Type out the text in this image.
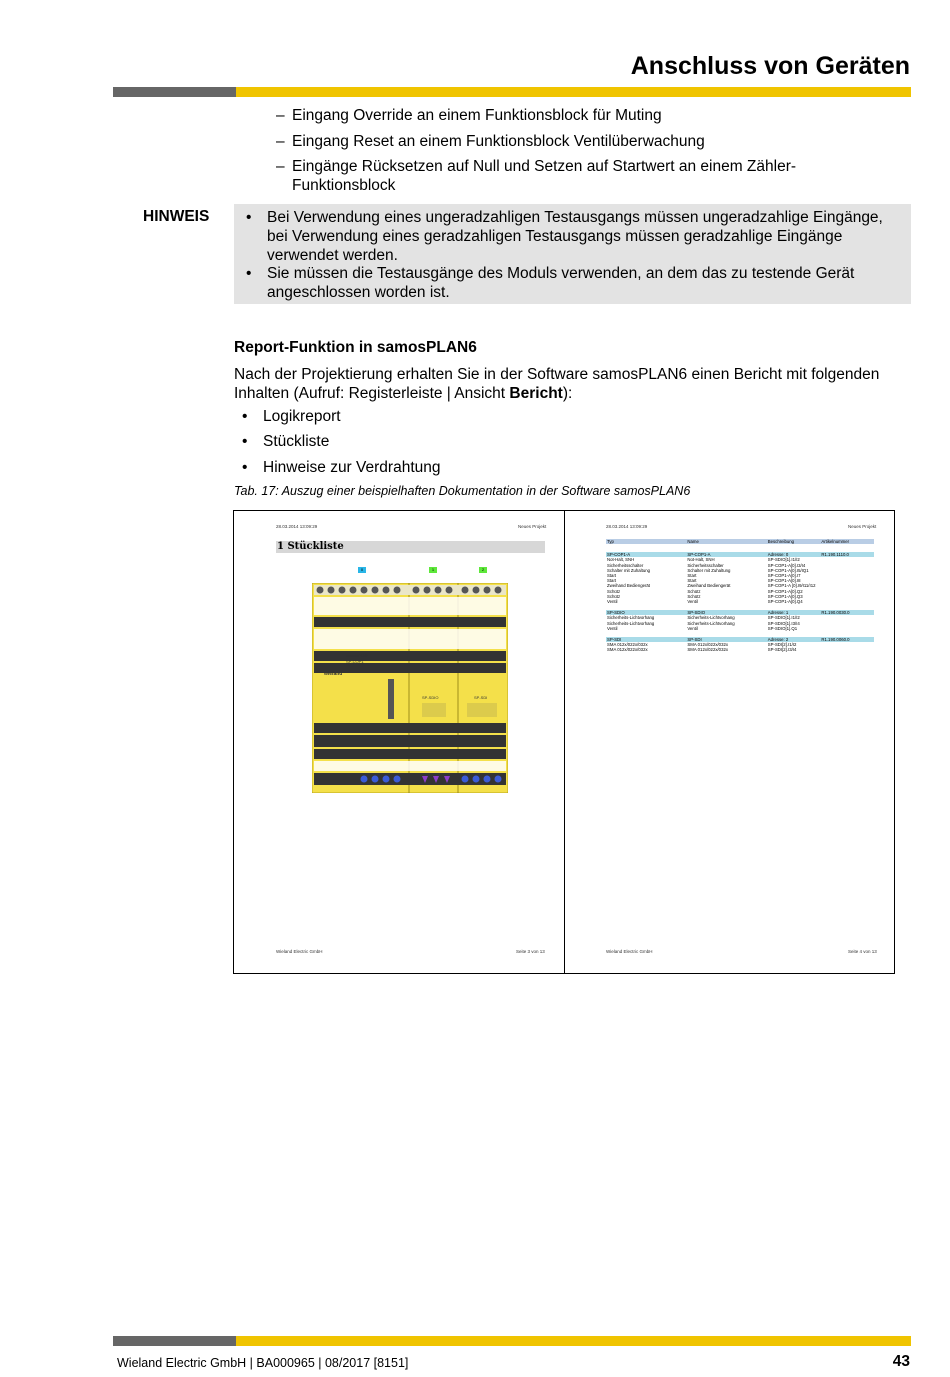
Anschluss von Geräten
– Eingang Override an einem Funktionsblock für Muting
– Eingang Reset an einem Funktionsblock Ventilüberwachung
– Eingänge Rücksetzen auf Null und Setzen auf Startwert an einem Zähler-Funktionsblock
HINWEIS • Bei Verwendung eines ungeradzahligen Testausgangs müssen ungeradzahlige Eingänge, bei Verwendung eines geradzahligen Testausgangs müssen geradzahlige Eingänge verwendet werden.
• Sie müssen die Testausgänge des Moduls verwenden, an dem das zu testende Gerät angeschlossen worden ist.
Report-Funktion in samosPLAN6
Nach der Projektierung erhalten Sie in der Software samosPLAN6 einen Bericht mit folgenden Inhalten (Aufruf: Registerleiste | Ansicht Bericht):
• Logikreport
• Stückliste
• Hinweise zur Verdrahtung
Tab. 17: Auszug einer beispielhaften Dokumentation in der Software samosPLAN6
28.03.2014 13:09:29	Neues Projekt
1 Stückliste
0	1	2
wieland
samosPRO
SP-COP1
SP-SDIO	SP-SDI
Wieland Electric GmbH	Seite 3 von 13
28.03.2014 13:09:29	Neues Projekt
Typ	Name	Beschreibung	Artikelnummer

SP-COP1-A	SP-COP1-A	Adresse: 0	R1.190.1110.0
Not-Halt, SNH	Not-Halt, SNH	SP-SDIO[1].I1/I2	
Sicherheitsschalter	Sicherheitsschalter	SP-COP1-A[0].I3/I4	
Schalter mit Zuhaltung	Schalter mit Zuhaltung	SP-COP1-A[0].I5/IQ1	
Start	Start	SP-COP1-A[0].I7	
Start	Start	SP-COP1-A[0].I8	
Zweihand Bediengerät	Zweihand Bediengerät	SP-COP1-A [0].I9/I11/I12	
Schütz	Schütz	SP-COP1-A[0].Q2	
Schütz	Schütz	SP-COP1-A[0].Q3	
Ventil	Ventil	SP-COP1-A[0].Q4	

SP-SDIO	SP-SDIO	Adresse: 1	R1.190.0030.0
Sicherheits-Lichtvorhang	Sicherheits-Lichtvorhang	SP-SDIO[1].I1/I2	
Sicherheits-Lichtvorhang	Sicherheits-Lichtvorhang	SP-SDIO[1].I3/I4	
Ventil	Ventil	SP-SDIO[1].Q1	

SP-SDI	SP-SDI	Adresse: 2	R1.190.0060.0
SMA 012x/022x/032x	SMA 012x/022x/032x	SP-SDI[2].I1/I2	
SMA 012x/022x/032x	SMA 012x/022x/032x	SP-SDI[2].I3/I4	

Wieland Electric GmbH	Seite 4 von 13
Wieland Electric GmbH | BA000965 | 08/2017 [8151]	43
